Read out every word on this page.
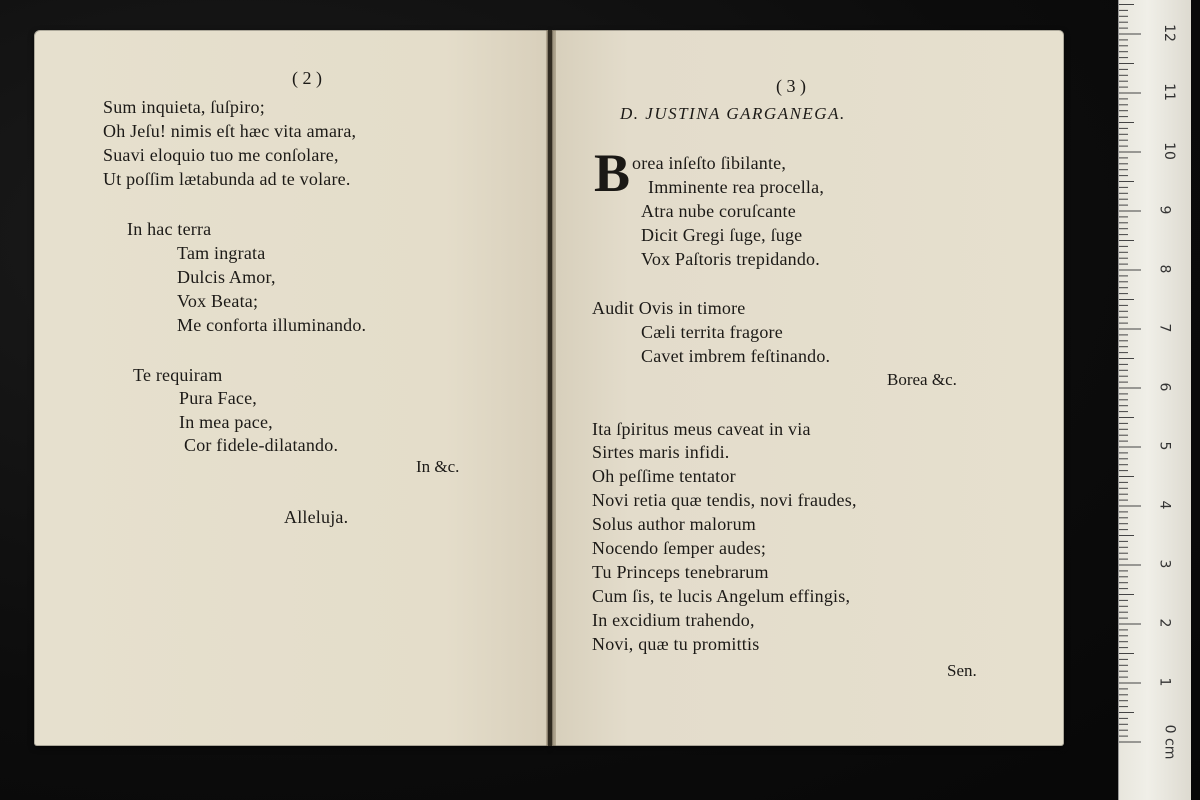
( 2 )
Sum inquieta, ſuſpiro;
Oh Jeſu! nimis eſt hæc vita amara,
Suavi eloquio tuo me conſolare,
Ut poſſim lætabunda ad te volare.
In hac terra
Tam ingrata
Dulcis Amor,
Vox Beata;
Me conforta illuminando.
Te requiram
Pura Face,
In mea pace,
Cor fidele-dilatando.
In &c.
Alleluja.
( 3 )
D. JUSTINA GARGANEGA.
B orea inſeſto ſibilante,
Imminente rea procella,
Atra nube coruſcante
Dicit Gregi ſuge, ſuge
Vox Paſtoris trepidando.
Audit Ovis in timore
Cæli territa fragore
Cavet imbrem feſtinando.
Borea &c.
Ita ſpiritus meus caveat in via
Sirtes maris infidi.
Oh peſſime tentator
Novi retia quæ tendis, novi fraudes,
Solus author malorum
Nocendo ſemper audes;
Tu Princeps tenebrarum
Cum ſis, te lucis Angelum effingis,
In excidium trahendo,
Novi, quæ tu promittis
Sen.
0 cm
1
2
3
4
5
6
7
8
9
10
11
12
